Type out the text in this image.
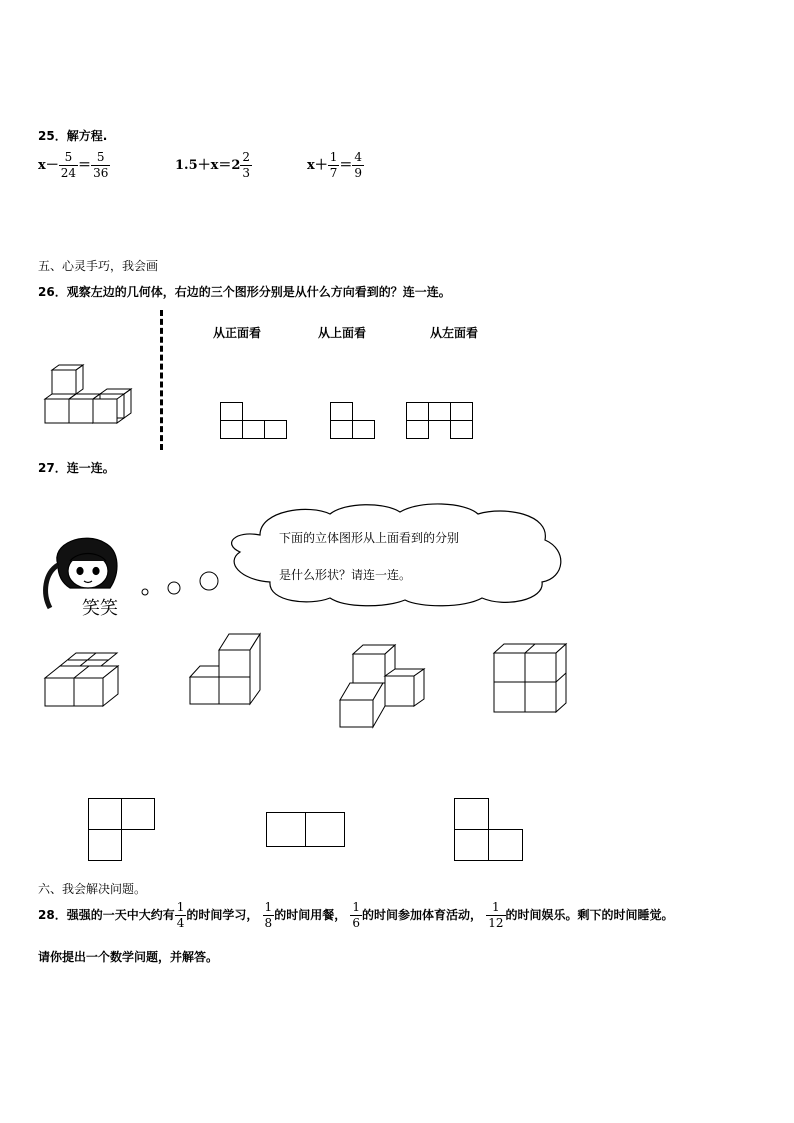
25．解方程.
$x- \frac{5}{24} = \frac{5}{36}$	$1.5+x=2 \frac{2}{3}$	$x+ \frac{1}{7} = \frac{4}{9}$
五、心灵手巧，我会画
26．观察左边的几何体，右边的三个图形分别是从什么方向看到的？连一连。
从正面看	从上面看	从左面看
27．连一连。
笑笑
下面的立体图形从上面看到的分别
是什么形状？请连一连。
六、我会解决问题。
28．强强的一天中大约有 $\frac{1}{4}$ 的时间学习， $\frac{1}{8}$ 的时间用餐， $\frac{1}{6}$ 的时间参加体育活动， $\frac{1}{12}$ 的时间娱乐。剩下的时间睡觉。
请你提出一个数学问题，并解答。
